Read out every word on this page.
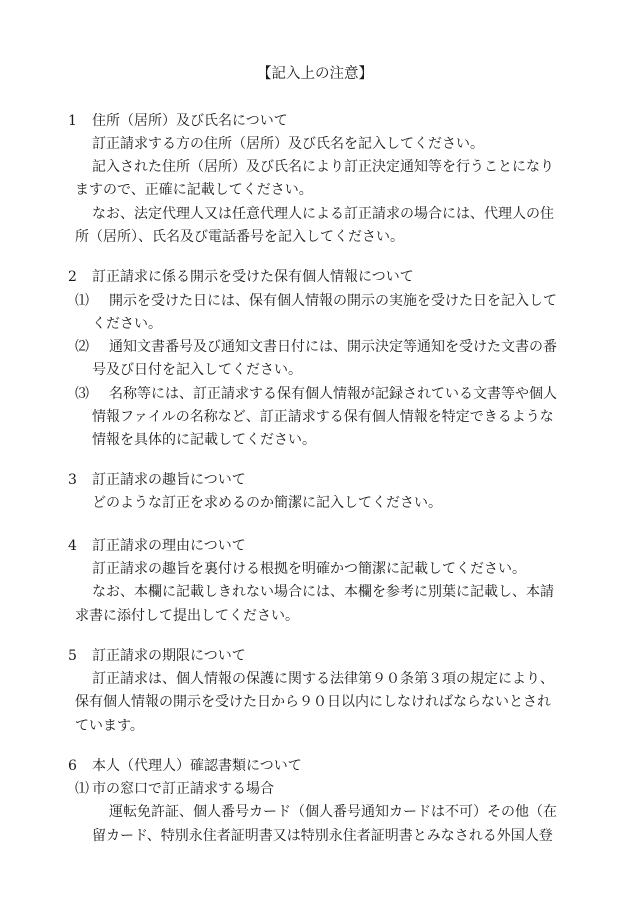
【記入上の注意】
1 住所（居所）及び氏名について
訂正請求する方の住所（居所）及び氏名を記入してください。
記入された住所（居所）及び氏名により訂正決定通知等を行うことになり
ますので、正確に記載してください。
なお、法定代理人又は任意代理人による訂正請求の場合には、代理人の住
所（居所）、氏名及び電話番号を記入してください。
2 訂正請求に係る開示を受けた保有個人情報について
⑴ 開示を受けた日には、保有個人情報の開示の実施を受けた日を記入して
ください。
⑵ 通知文書番号及び通知文書日付には、開示決定等通知を受けた文書の番
号及び日付を記入してください。
⑶ 名称等には、訂正請求する保有個人情報が記録されている文書等や個人
情報ファイルの名称など、訂正請求する保有個人情報を特定できるような
情報を具体的に記載してください。
3 訂正請求の趣旨について
どのような訂正を求めるのか簡潔に記入してください。
4 訂正請求の理由について
訂正請求の趣旨を裏付ける根拠を明確かつ簡潔に記載してください。
なお、本欄に記載しきれない場合には、本欄を参考に別葉に記載し、本請
求書に添付して提出してください。
5 訂正請求の期限について
訂正請求は、個人情報の保護に関する法律第９０条第３項の規定により、
保有個人情報の開示を受けた日から９０日以内にしなければならないとされ
ています。
6 本人（代理人）確認書類について
⑴ 市の窓口で訂正請求する場合
運転免許証、個人番号カード（個人番号通知カードは不可）その他（在
留カード、特別永住者証明書又は特別永住者証明書とみなされる外国人登
